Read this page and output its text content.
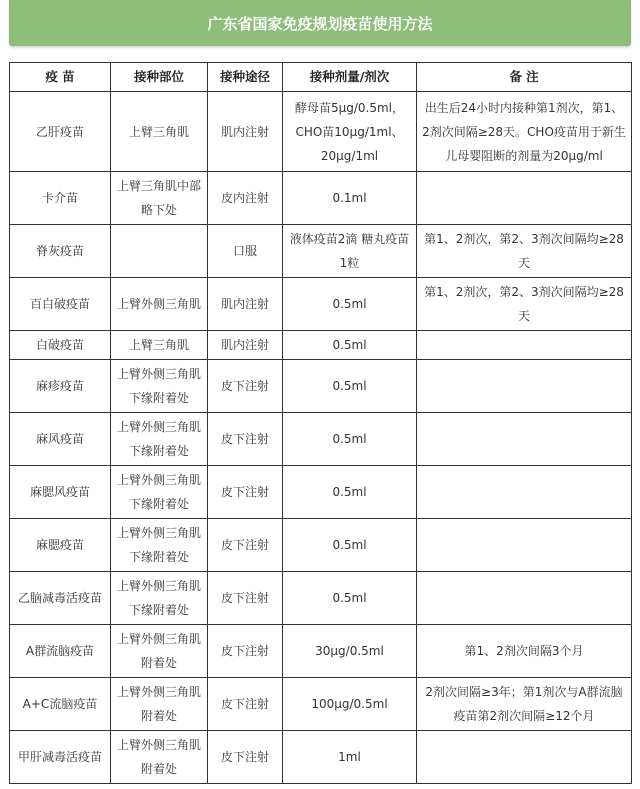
广东省国家免疫规划疫苗使用方法
疫 苗	接种部位	接种途径	接种剂量/剂次	备 注
乙肝疫苗	上臂三角肌	肌内注射	酵母苗5μg/0.5ml，CHO苗10μg/1ml、20μg/1ml	出生后24小时内接种第1剂次，第1、2剂次间隔≥28天。CHO疫苗用于新生儿母婴阻断的剂量为20μg/ml
卡介苗	上臂三角肌中部略下处	皮内注射	0.1ml	
脊灰疫苗		口服	液体疫苗2滴 糖丸疫苗1粒	第1、2剂次，第2、3剂次间隔均≥28天
百白破疫苗	上臂外侧三角肌	肌内注射	0.5ml	第1、2剂次，第2、3剂次间隔均≥28天
白破疫苗	上臂三角肌	肌内注射	0.5ml	
麻疹疫苗	上臂外侧三角肌下缘附着处	皮下注射	0.5ml	
麻风疫苗	上臂外侧三角肌下缘附着处	皮下注射	0.5ml	
麻腮风疫苗	上臂外侧三角肌下缘附着处	皮下注射	0.5ml	
麻腮疫苗	上臂外侧三角肌下缘附着处	皮下注射	0.5ml	
乙脑减毒活疫苗	上臂外侧三角肌下缘附着处	皮下注射	0.5ml	
A群流脑疫苗	上臂外侧三角肌附着处	皮下注射	30μg/0.5ml	第1、2剂次间隔3个月
A+C流脑疫苗	上臂外侧三角肌附着处	皮下注射	100μg/0.5ml	2剂次间隔≥3年；第1剂次与A群流脑疫苗第2剂次间隔≥12个月
甲肝减毒活疫苗	上臂外侧三角肌附着处	皮下注射	1ml	
